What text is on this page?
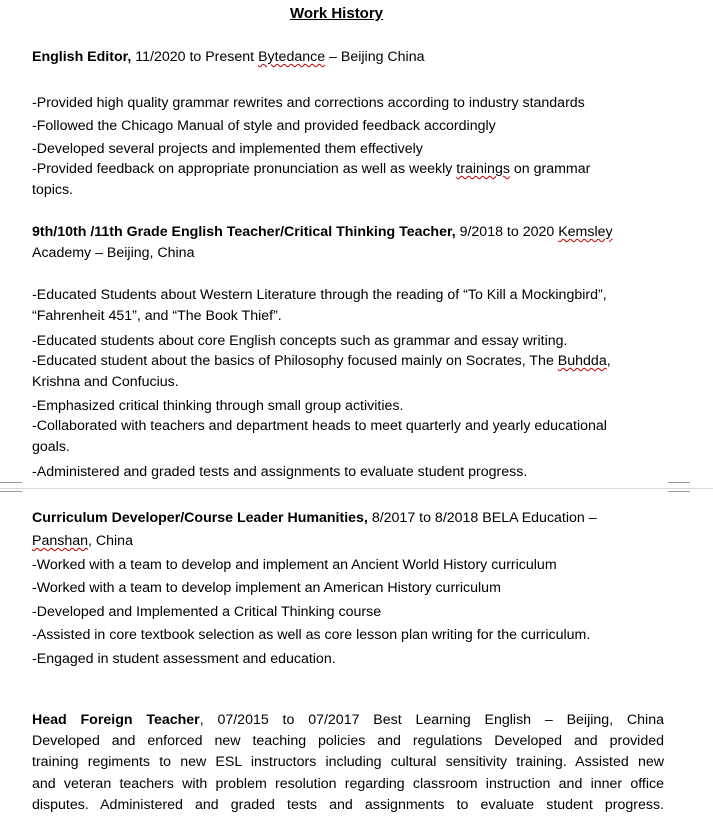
Work History
English Editor, 11/2020 to Present Bytedance – Beijing China
-Provided high quality grammar rewrites and corrections according to industry standards
-Followed the Chicago Manual of style and provided feedback accordingly
-Developed several projects and implemented them effectively
-Provided feedback on appropriate pronunciation as well as weekly trainings on grammar
topics.
9th/10th /11th Grade English Teacher/Critical Thinking Teacher, 9/2018 to 2020 Kemsley
Academy – Beijing, China
-Educated Students about Western Literature through the reading of “To Kill a Mockingbird”,
“Fahrenheit 451”, and “The Book Thief”.
-Educated students about core English concepts such as grammar and essay writing.
-Educated student about the basics of Philosophy focused mainly on Socrates, The Buhdda,
Krishna and Confucius.
-Emphasized critical thinking through small group activities.
-Collaborated with teachers and department heads to meet quarterly and yearly educational
goals.
-Administered and graded tests and assignments to evaluate student progress.
Curriculum Developer/Course Leader Humanities, 8/2017 to 8/2018 BELA Education –
Panshan, China
-Worked with a team to develop and implement an Ancient World History curriculum
-Worked with a team to develop implement an American History curriculum
-Developed and Implemented a Critical Thinking course
-Assisted in core textbook selection as well as core lesson plan writing for the curriculum.
-Engaged in student assessment and education.
Head Foreign Teacher, 07/2015 to 07/2017 Best Learning English – Beijing, China
Developed and enforced new teaching policies and regulations Developed and provided
training regiments to new ESL instructors including cultural sensitivity training. Assisted new
and veteran teachers with problem resolution regarding classroom instruction and inner office
disputes. Administered and graded tests and assignments to evaluate student progress.
